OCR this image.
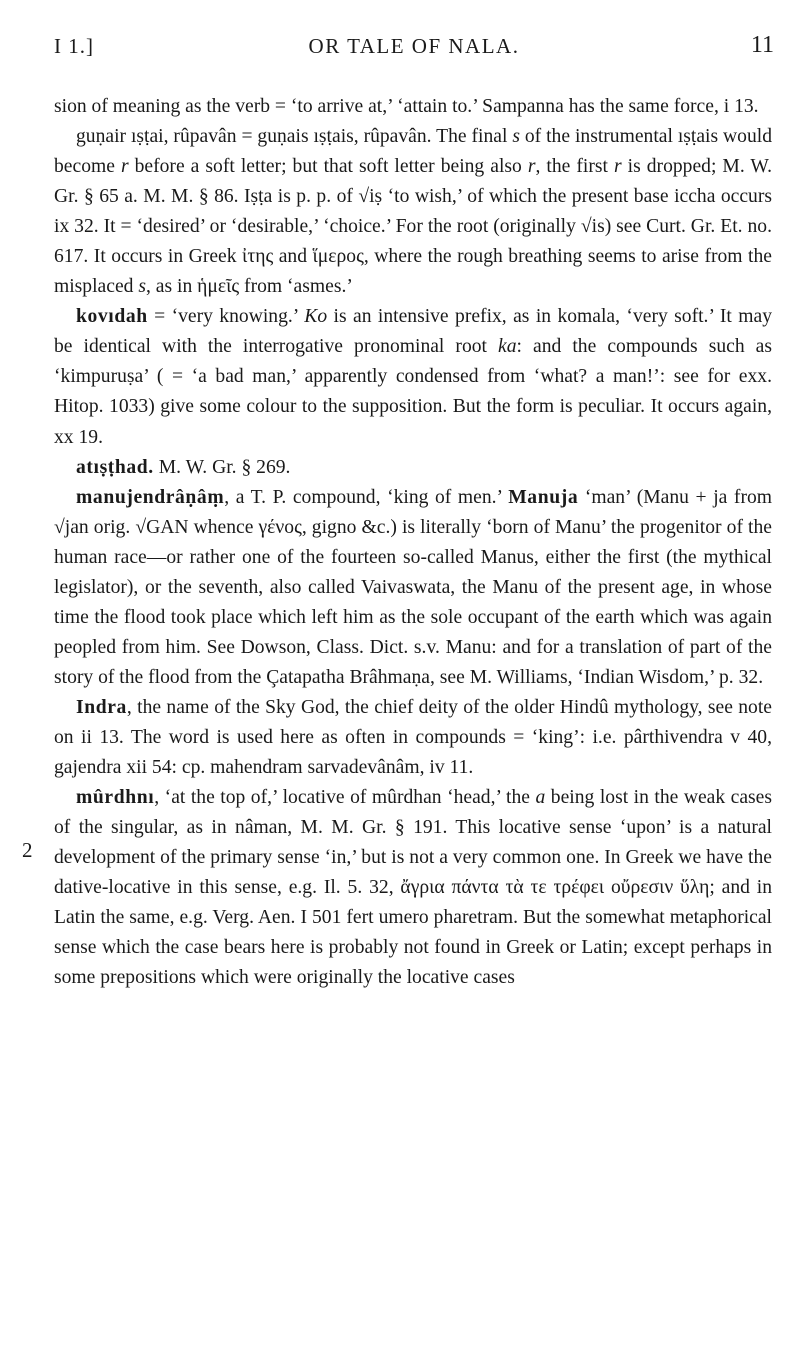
I 1.]	OR TALE OF NALA.	11
2

sion of meaning as the verb = ‘to arrive at,’ ‘attain to.’ Sampanna has the same force, i 13.

guṇair ıṣṭai, rûpavân = guṇais ıṣṭais, rûpavân. The final s of the instrumental ıṣṭais would become r before a soft letter; but that soft letter being also r, the first r is dropped; M. W. Gr. § 65 a. M. M. § 86. Iṣṭa is p. p. of √iṣ ‘to wish,’ of which the present base iccha occurs ix 32. It = ‘desired’ or ‘desirable,’ ‘choice.’ For the root (originally √is) see Curt. Gr. Et. no. 617. It occurs in Greek ἰτης and ἵμερος, where the rough breathing seems to arise from the misplaced s, as in ἡμεῖς from ‘asmes.’

kovıdah = ‘very knowing.’ Ko is an intensive prefix, as in komala, ‘very soft.’ It may be identical with the interrogative pronominal root ka: and the compounds such as ‘kimpuruṣa’ ( = ‘a bad man,’ apparently condensed from ‘what? a man!’: see for exx. Hitop. 1033) give some colour to the supposition. But the form is peculiar. It occurs again, xx 19.

atıṣṭhad. M. W. Gr. § 269.

manujendrâṇâṃ, a T. P. compound, ‘king of men.’ Manuja ‘man’ (Manu + ja from √jan orig. √GAN whence γένος, gigno &c.) is literally ‘born of Manu’ the progenitor of the human race—or rather one of the fourteen so-called Manus, either the first (the mythical legislator), or the seventh, also called Vaivaswata, the Manu of the present age, in whose time the flood took place which left him as the sole occupant of the earth which was again peopled from him. See Dowson, Class. Dict. s.v. Manu: and for a translation of part of the story of the flood from the Çatapatha Brâhmaṇa, see M. Williams, ‘Indian Wisdom,’ p. 32.

Indra, the name of the Sky God, the chief deity of the older Hindû mythology, see note on ii 13. The word is used here as often in compounds = ‘king’: i.e. pârthivendra v 40, gajendra xii 54: cp. mahendram sarvadevânâm, iv 11.

mûrdhnı, ‘at the top of,’ locative of mûrdhan ‘head,’ the a being lost in the weak cases of the singular, as in nâman, M. M. Gr. § 191. This locative sense ‘upon’ is a natural development of the primary sense ‘in,’ but is not a very common one. In Greek we have the dative-locative in this sense, e.g. Il. 5. 32, ἄγρια πάντα τὰ τε τρέφει οὔρεσιν ὕλη; and in Latin the same, e.g. Verg. Aen. I 501 fert umero pharetram. But the somewhat metaphorical sense which the case bears here is probably not found in Greek or Latin; except perhaps in some prepositions which were originally the locative cases
